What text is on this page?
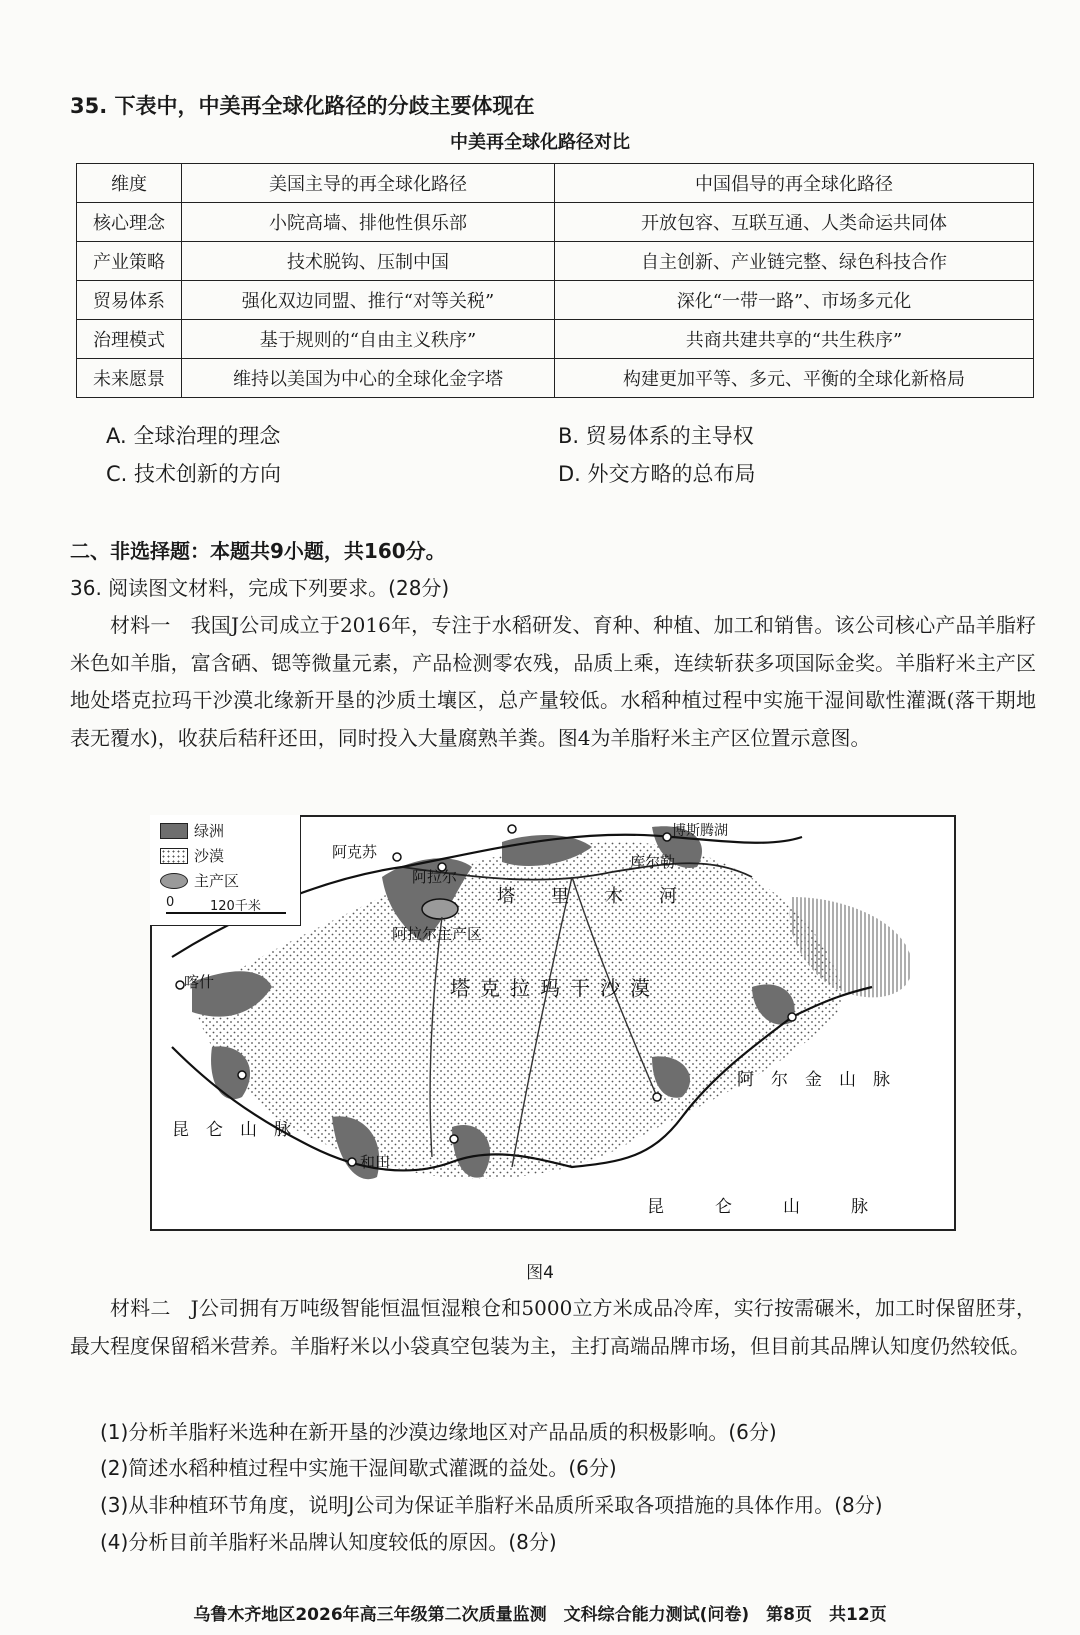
35. 下表中，中美再全球化路径的分歧主要体现在
中美再全球化路径对比
维度	美国主导的再全球化路径	中国倡导的再全球化路径
核心理念	小院高墙、排他性俱乐部	开放包容、互联互通、人类命运共同体
产业策略	技术脱钩、压制中国	自主创新、产业链完整、绿色科技合作
贸易体系	强化双边同盟、推行“对等关税”	深化“一带一路”、市场多元化
治理模式	基于规则的“自由主义秩序”	共商共建共享的“共生秩序”
未来愿景	维持以美国为中心的全球化金字塔	构建更加平等、多元、平衡的全球化新格局
A. 全球治理的理念	B. 贸易体系的主导权
C. 技术创新的方向	D. 外交方略的总布局
二、非选择题：本题共9小题，共160分。
36. 阅读图文材料，完成下列要求。(28分)
材料一　我国J公司成立于2016年，专注于水稻研发、育种、种植、加工和销售。该公司核心产品羊脂籽米色如羊脂，富含硒、锶等微量元素，产品检测零农残，品质上乘，连续斩获多项国际金奖。羊脂籽米主产区地处塔克拉玛干沙漠北缘新开垦的沙质土壤区，总产量较低。水稻种植过程中实施干湿间歇性灌溉(落干期地表无覆水)，收获后秸秆还田，同时投入大量腐熟羊粪。图4为羊脂籽米主产区位置示意图。
博斯腾湖
库尔勒
阿克苏
阿拉尔
阿拉尔主产区
喀什
和田
塔　　里　　木　　河
塔克拉玛干沙漠
昆　仑　山　脉
昆　　　仑　　　山　　　脉
阿　尔　金　山　脉
绿洲
沙漠
主产区
0	120千米
图4
材料二　J公司拥有万吨级智能恒温恒湿粮仓和5000立方米成品冷库，实行按需碾米，加工时保留胚芽，最大程度保留稻米营养。羊脂籽米以小袋真空包装为主，主打高端品牌市场，但目前其品牌认知度仍然较低。
(1)分析羊脂籽米选种在新开垦的沙漠边缘地区对产品品质的积极影响。(6分)
(2)简述水稻种植过程中实施干湿间歇式灌溉的益处。(6分)
(3)从非种植环节角度，说明J公司为保证羊脂籽米品质所采取各项措施的具体作用。(8分)
(4)分析目前羊脂籽米品牌认知度较低的原因。(8分)
乌鲁木齐地区2026年高三年级第二次质量监测　文科综合能力测试(问卷)　第8页　共12页
